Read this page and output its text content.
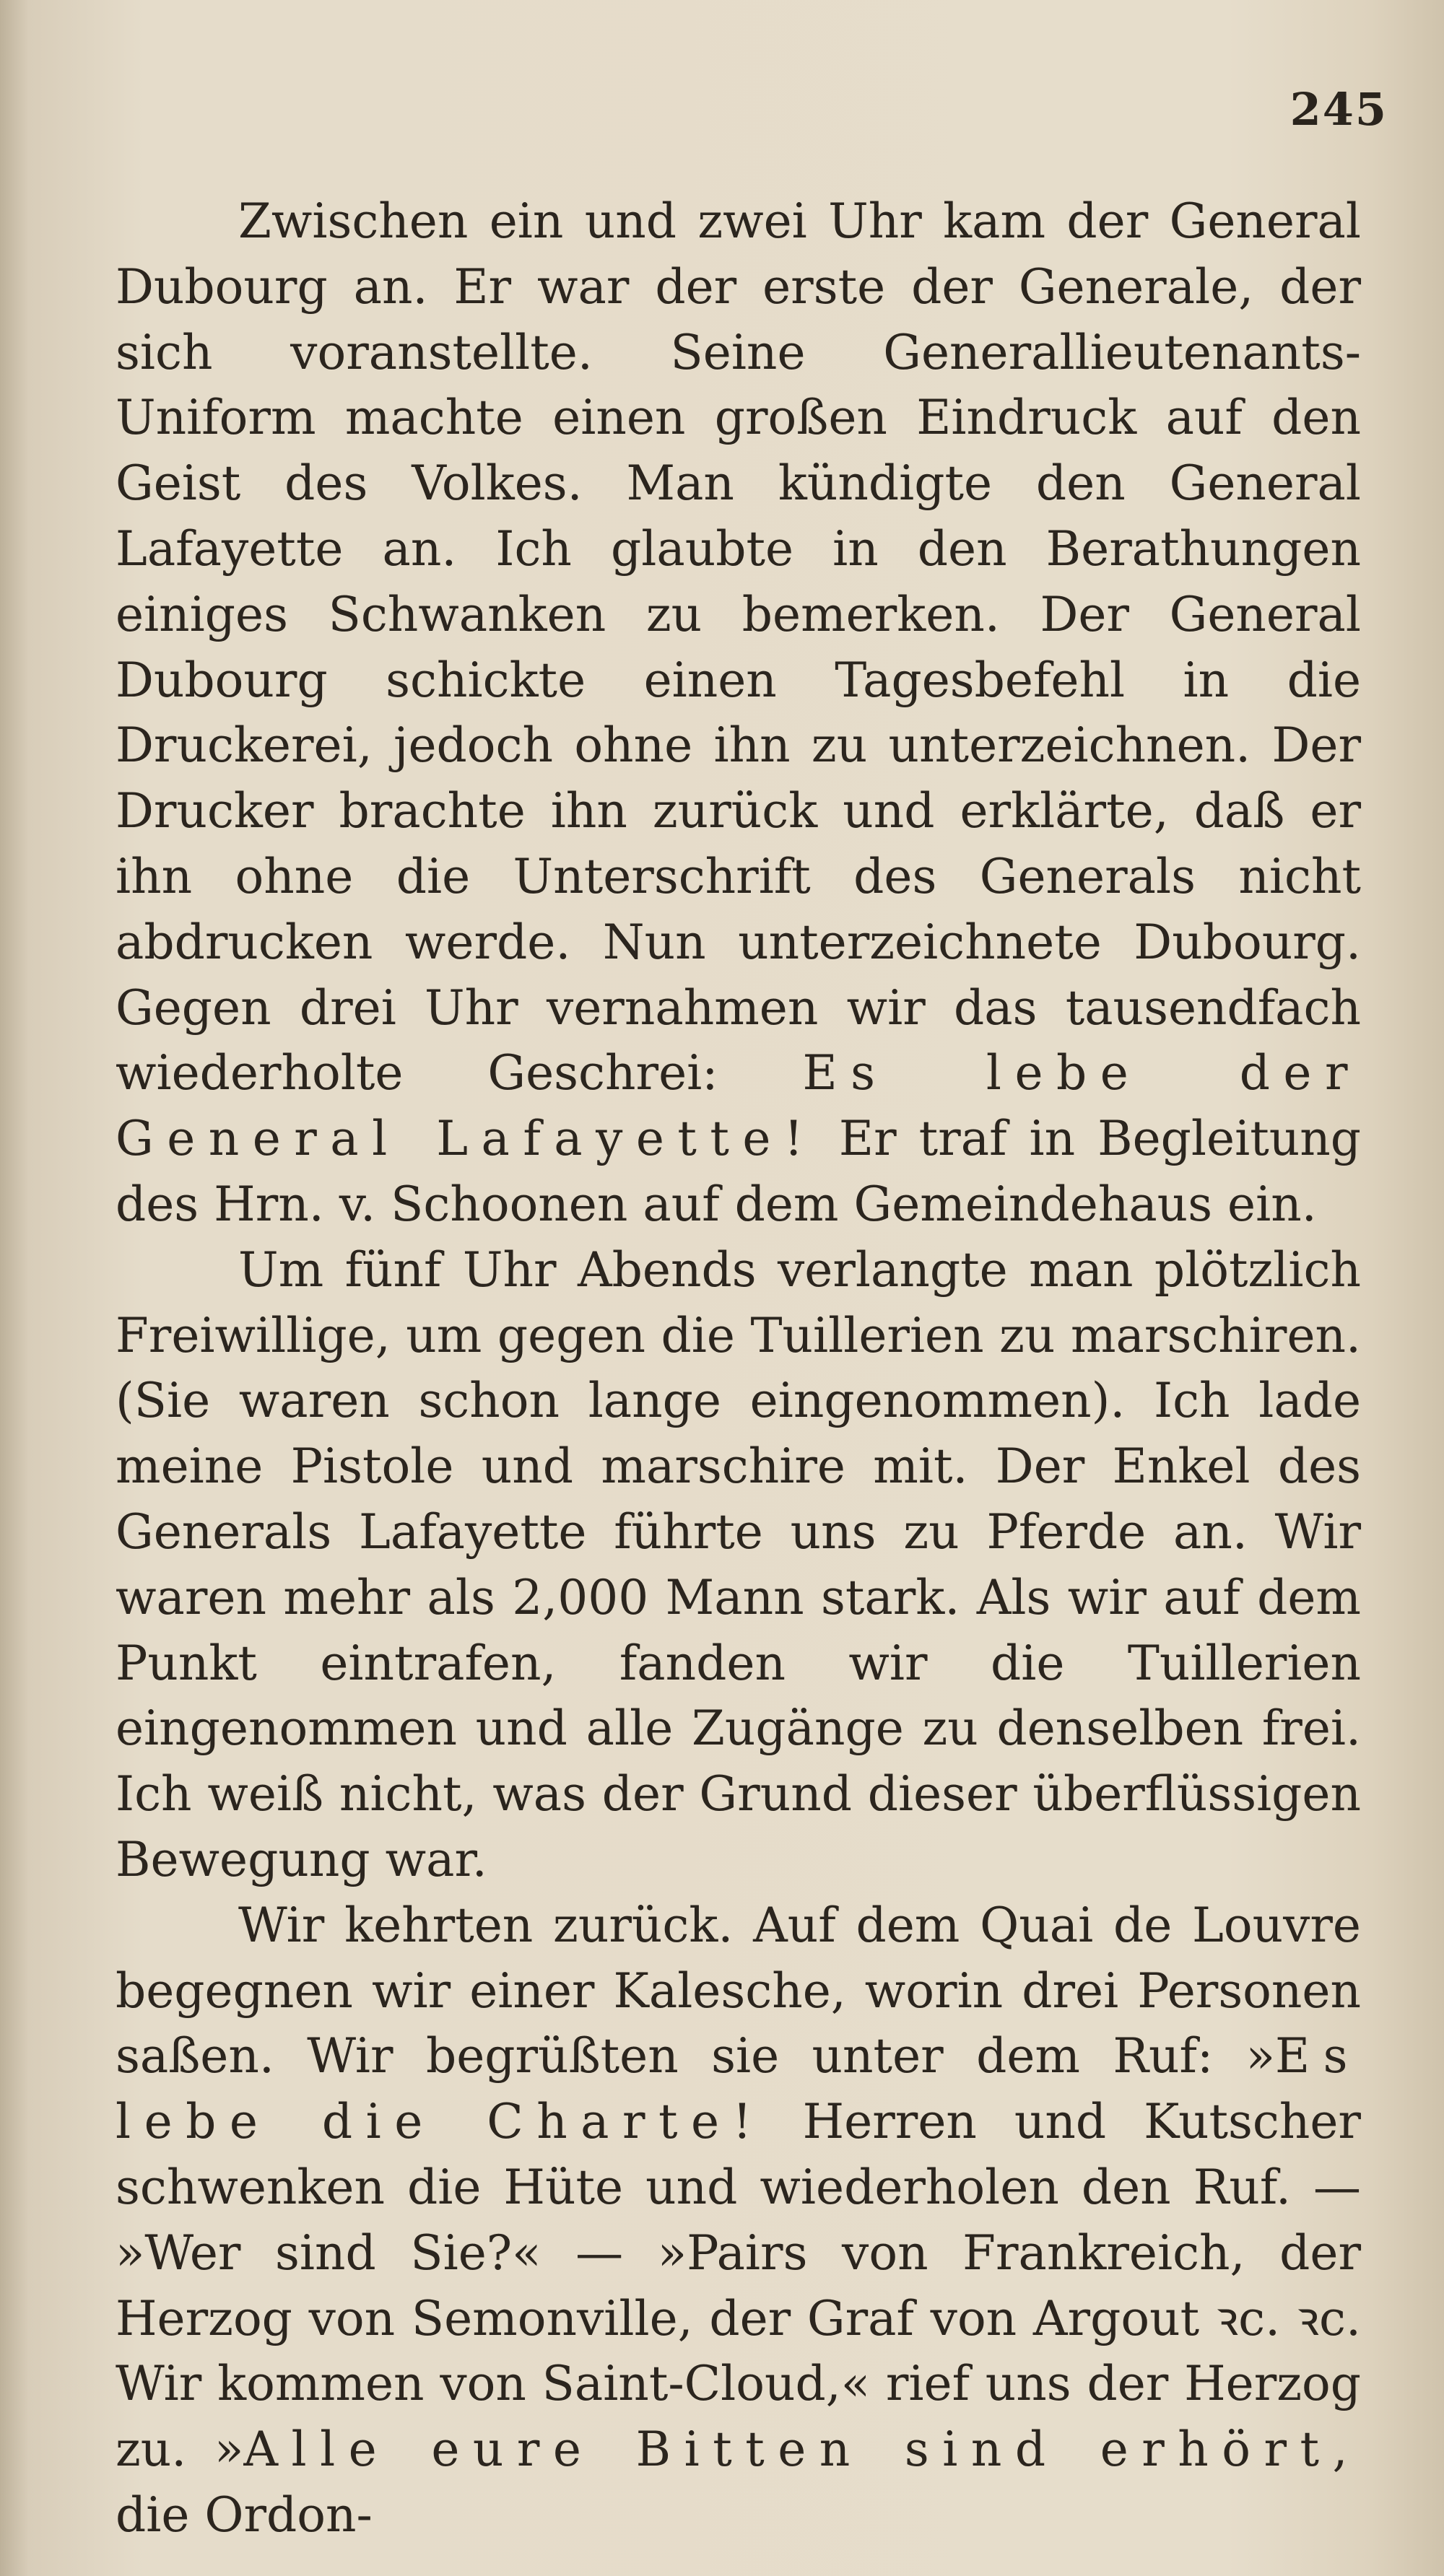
245

Zwischen ein und zwei Uhr kam der General Dubourg an. Er war der erste der Generale, der sich voranstellte. Seine Generallieutenants-Uniform machte einen großen Eindruck auf den Geist des Volkes. Man kündigte den General Lafayette an. Ich glaubte in den Berathungen einiges Schwanken zu bemerken. Der General Dubourg schickte einen Tagesbefehl in die Druckerei, jedoch ohne ihn zu unterzeichnen. Der Drucker brachte ihn zurück und erklärte, daß er ihn ohne die Unterschrift des Generals nicht abdrucken werde. Nun unterzeichnete Dubourg. Gegen drei Uhr vernahmen wir das tausendfach wiederholte Geschrei: Es lebe der General Lafayette! Er traf in Begleitung des Hrn. v. Schoonen auf dem Gemeindehaus ein.

Um fünf Uhr Abends verlangte man plötzlich Freiwillige, um gegen die Tuillerien zu marschiren. (Sie waren schon lange eingenommen). Ich lade meine Pistole und marschire mit. Der Enkel des Generals Lafayette führte uns zu Pferde an. Wir waren mehr als 2,000 Mann stark. Als wir auf dem Punkt eintrafen, fanden wir die Tuillerien eingenommen und alle Zugänge zu denselben frei. Ich weiß nicht, was der Grund dieser überflüssigen Bewegung war.

Wir kehrten zurück. Auf dem Quai de Louvre begegnen wir einer Kalesche, worin drei Personen saßen. Wir begrüßten sie unter dem Ruf: »Es lebe die Charte! Herren und Kutscher schwenken die Hüte und wiederholen den Ruf. — »Wer sind Sie?« — »Pairs von Frankreich, der Herzog von Semonville, der Graf von Argout ꝛc. ꝛc. Wir kommen von Saint-Cloud,« rief uns der Herzog zu. »Alle eure Bitten sind erhört, die Ordon-
